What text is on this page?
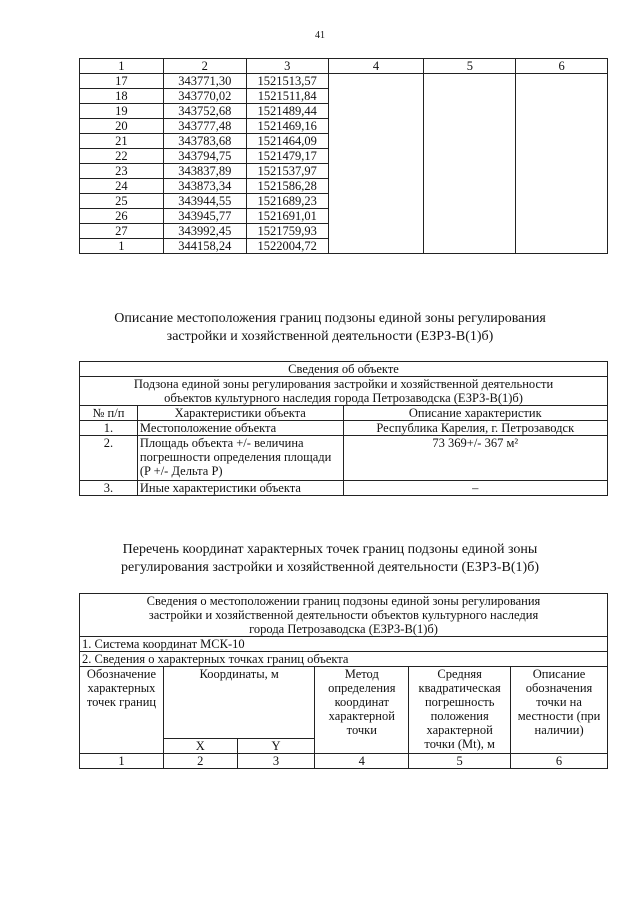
41
1	2	3	4	5	6
17	343771,30	1521513,57			
18	343770,02	1521511,84			
19	343752,68	1521489,44			
20	343777,48	1521469,16			
21	343783,68	1521464,09			
22	343794,75	1521479,17			
23	343837,89	1521537,97			
24	343873,34	1521586,28			
25	343944,55	1521689,23			
26	343945,77	1521691,01			
27	343992,45	1521759,93			
1	344158,24	1522004,72			
Описание местоположения границ подзоны единой зоны регулирования
застройки и хозяйственной деятельности (ЕЗРЗ-В(1)б)
Сведения об объекте		

Подзона единой зоны регулирования застройки и хозяйственной деятельности
объектов культурного наследия города Петрозаводска (ЕЗРЗ-В(1)б)		

№ п/п	Характеристики объекта	Описание характеристик
1.	Местоположение объекта	Республика Карелия, г. Петрозаводск
2.	Площадь объекта +/- величина погрешности определения площади (P +/- Дельта P)	73 369+/- 367 м²
3.	Иные характеристики объекта	–
Перечень координат характерных точек границ подзоны единой зоны
регулирования застройки и хозяйственной деятельности (ЕЗРЗ-В(1)б)
Сведения о местоположении границ подзоны единой зоны регулирования
застройки и хозяйственной деятельности объектов культурного наследия
города Петрозаводска (ЕЗРЗ-В(1)б)					

1. Система координат МСК-10					
2. Сведения о характерных точках границ объекта					
Обозначение характерных точек границ	Координаты, м		Метод определения координат характерной точки	Средняя квадратическая погрешность положения характерной точки (Mt), м	Описание обозначения точки на местности (при наличии)
	X	Y			
1	2	3	4	5	6
